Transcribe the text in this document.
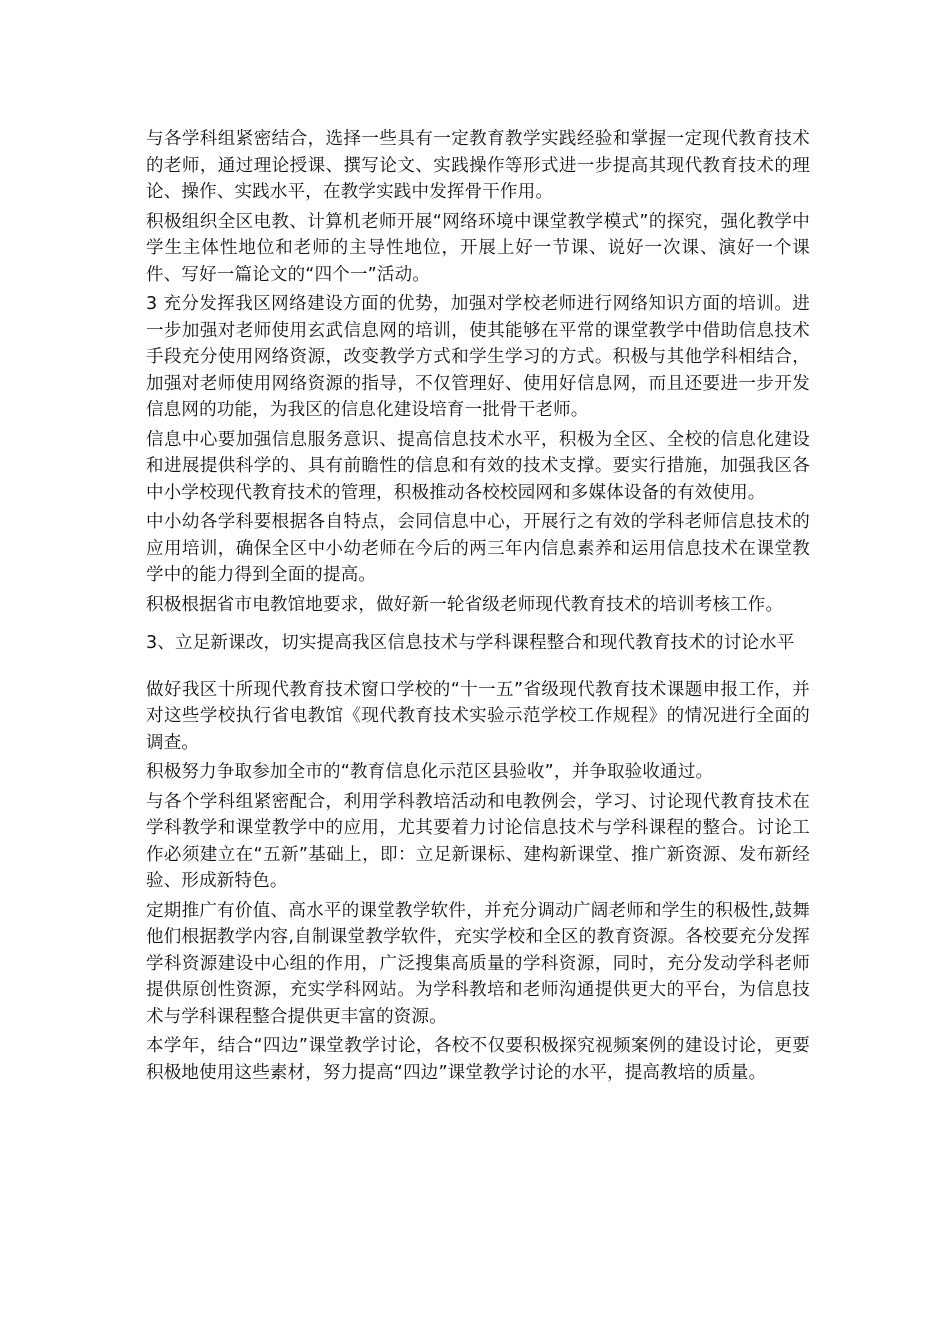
与各学科组紧密结合，选择一些具有一定教育教学实践经验和掌握一定现代教育技术的老师，通过理论授课、撰写论文、实践操作等形式进一步提高其现代教育技术的理论、操作、实践水平，在教学实践中发挥骨干作用。

积极组织全区电教、计算机老师开展“网络环境中课堂教学模式”的探究，强化教学中学生主体性地位和老师的主导性地位，开展上好一节课、说好一次课、演好一个课件、写好一篇论文的“四个一”活动。

3 充分发挥我区网络建设方面的优势，加强对学校老师进行网络知识方面的培训。进一步加强对老师使用玄武信息网的培训，使其能够在平常的课堂教学中借助信息技术手段充分使用网络资源，改变教学方式和学生学习的方式。积极与其他学科相结合，加强对老师使用网络资源的指导，不仅管理好、使用好信息网，而且还要进一步开发信息网的功能，为我区的信息化建设培育一批骨干老师。

信息中心要加强信息服务意识、提高信息技术水平，积极为全区、全校的信息化建设和进展提供科学的、具有前瞻性的信息和有效的技术支撑。要实行措施，加强我区各中小学校现代教育技术的管理，积极推动各校校园网和多媒体设备的有效使用。

中小幼各学科要根据各自特点，会同信息中心，开展行之有效的学科老师信息技术的应用培训，确保全区中小幼老师在今后的两三年内信息素养和运用信息技术在课堂教学中的能力得到全面的提高。

积极根据省市电教馆地要求，做好新一轮省级老师现代教育技术的培训考核工作。

3、立足新课改，切实提高我区信息技术与学科课程整合和现代教育技术的讨论水平

做好我区十所现代教育技术窗口学校的“十一五”省级现代教育技术课题申报工作，并对这些学校执行省电教馆《现代教育技术实验示范学校工作规程》的情况进行全面的调查。

积极努力争取参加全市的“教育信息化示范区县验收”，并争取验收通过。

与各个学科组紧密配合，利用学科教培活动和电教例会，学习、讨论现代教育技术在学科教学和课堂教学中的应用，尤其要着力讨论信息技术与学科课程的整合。讨论工作必须建立在“五新”基础上，即：立足新课标、建构新课堂、推广新资源、发布新经验、形成新特色。

定期推广有价值、高水平的课堂教学软件，并充分调动广阔老师和学生的积极性,鼓舞他们根据教学内容,自制课堂教学软件，充实学校和全区的教育资源。各校要充分发挥学科资源建设中心组的作用，广泛搜集高质量的学科资源，同时，充分发动学科老师提供原创性资源，充实学科网站。为学科教培和老师沟通提供更大的平台，为信息技术与学科课程整合提供更丰富的资源。

本学年，结合“四边”课堂教学讨论，各校不仅要积极探究视频案例的建设讨论，更要积极地使用这些素材，努力提高“四边”课堂教学讨论的水平，提高教培的质量。
